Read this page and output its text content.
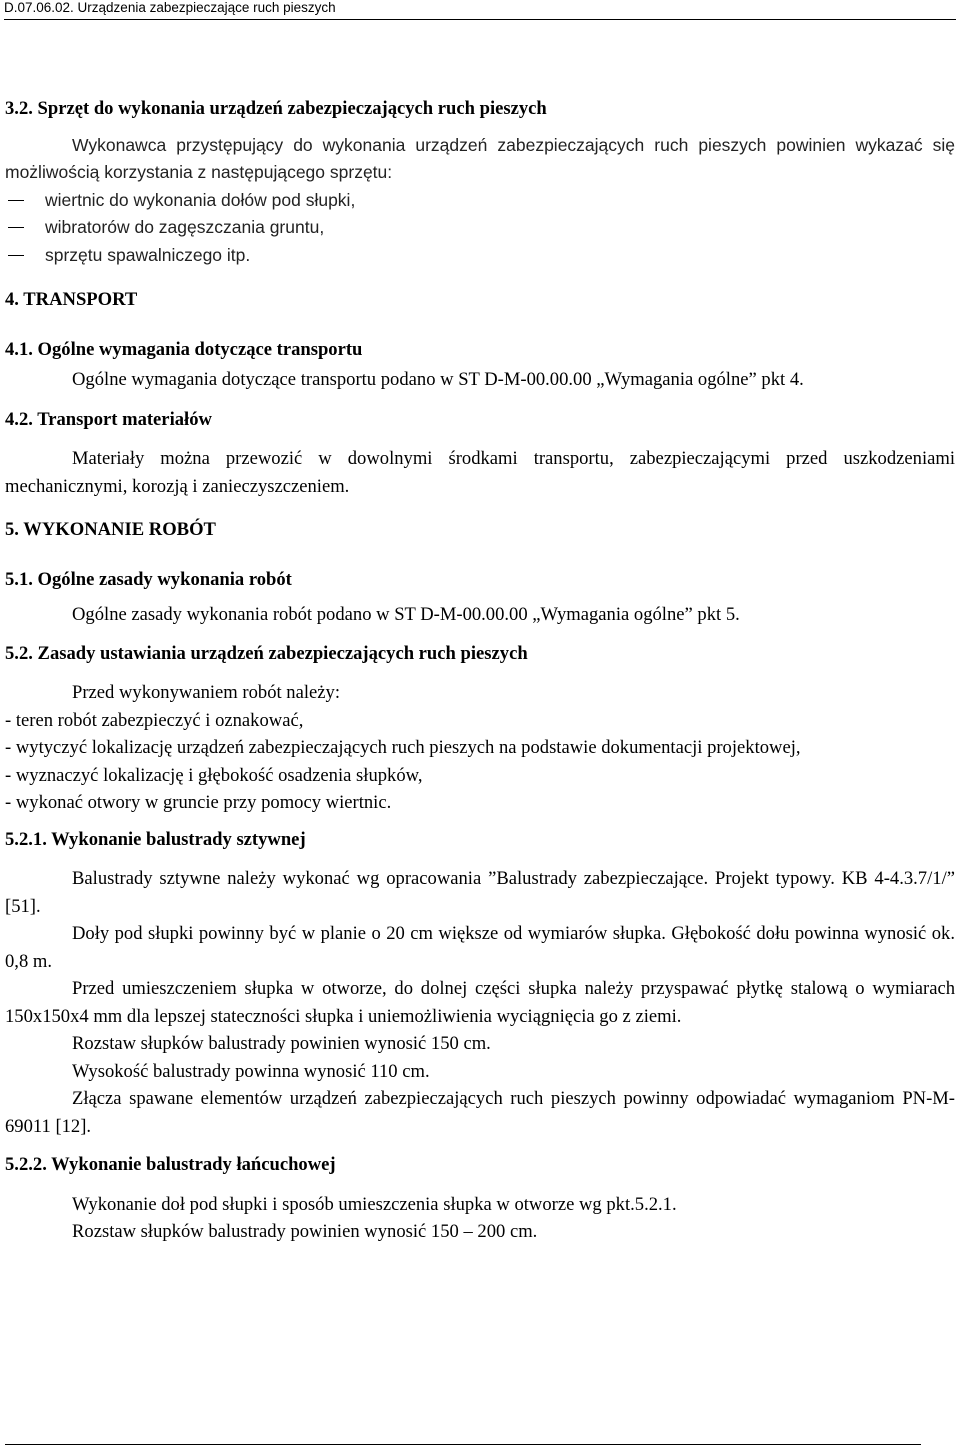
D.07.06.02. Urządzenia zabezpieczające ruch pieszych

3.2. Sprzęt do wykonania urządzeń zabezpieczających ruch pieszych

Wykonawca przystępujący do wykonania urządzeń zabezpieczających ruch pieszych powinien wykazać się możliwością korzystania z następującego sprzętu:

wiertnic do wykonania dołów pod słupki,

wibratorów do zagęszczania gruntu,

sprzętu spawalniczego itp.

4. TRANSPORT

4.1. Ogólne wymagania dotyczące transportu

Ogólne wymagania dotyczące transportu podano w ST D-M-00.00.00 „Wymagania ogólne” pkt 4.

4.2. Transport materiałów

Materiały można przewozić w dowolnymi środkami transportu, zabezpieczającymi przed uszkodzeniami mechanicznymi, korozją i zanieczyszczeniem.

5. WYKONANIE ROBÓT

5.1. Ogólne zasady wykonania robót

Ogólne zasady wykonania robót podano w ST D-M-00.00.00 „Wymagania ogólne” pkt 5.

5.2. Zasady ustawiania urządzeń zabezpieczających ruch pieszych

Przed wykonywaniem robót należy:

- teren robót zabezpieczyć i oznakować,

- wytyczyć lokalizację urządzeń zabezpieczających ruch pieszych na podstawie dokumentacji projektowej,

- wyznaczyć lokalizację i głębokość osadzenia słupków,

- wykonać otwory w gruncie przy pomocy wiertnic.

5.2.1. Wykonanie balustrady sztywnej

Balustrady sztywne należy wykonać wg opracowania ”Balustrady zabezpieczające. Projekt typowy. KB 4-4.3.7/1/” [51].

Doły pod słupki powinny być w planie o 20 cm większe od wymiarów słupka. Głębokość dołu powinna wynosić ok. 0,8 m.

Przed umieszczeniem słupka w otworze, do dolnej części słupka należy przyspawać płytkę stalową o wymiarach 150x150x4 mm dla lepszej stateczności słupka i uniemożliwienia wyciągnięcia go z ziemi.

Rozstaw słupków balustrady powinien wynosić 150 cm.

Wysokość balustrady powinna wynosić 110 cm.

Złącza spawane elementów urządzeń zabezpieczających ruch pieszych powinny odpowiadać wymaganiom PN-M-69011 [12].

5.2.2. Wykonanie balustrady łańcuchowej

Wykonanie doł pod słupki i sposób umieszczenia słupka w otworze wg pkt.5.2.1.

Rozstaw słupków balustrady powinien wynosić 150 – 200 cm.
